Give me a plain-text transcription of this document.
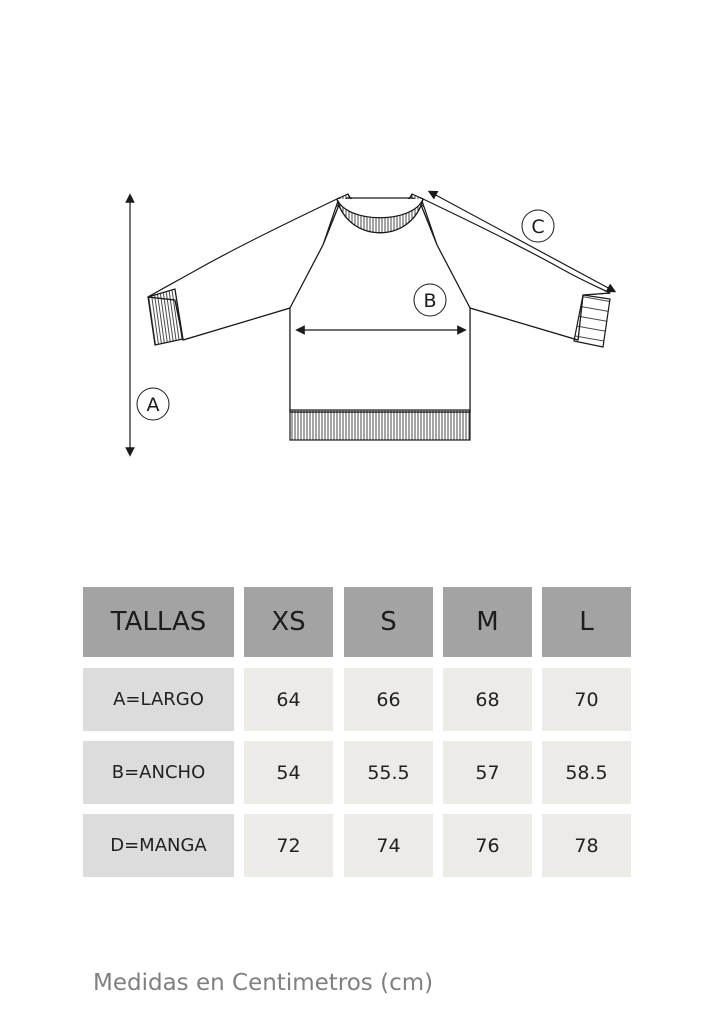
A
B
C
TALLAS	XS	S	M	L
A=LARGO	64	66	68	70
B=ANCHO	54	55.5	57	58.5
D=MANGA	72	74	76	78
Medidas en Centimetros (cm)
